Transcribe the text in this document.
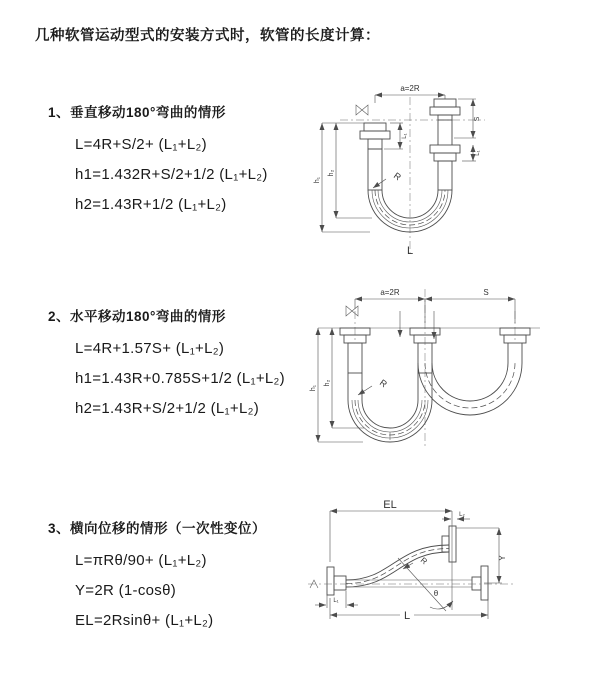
几种软管运动型式的安装方式时，软管的长度计算：
1、垂直移动180°弯曲的情形
L=4R+S/2+ (L₁+L₂)
h1=1.432R+S/2+1/2 (L₁+L₂)
h2=1.43R+1/2 (L₁+L₂)
2、水平移动180°弯曲的情形
L=4R+1.57S+ (L₁+L₂)
h1=1.43R+0.785S+1/2 (L₁+L₂)
h2=1.43R+S/2+1/2 (L₁+L₂)
3、横向位移的情形（一次性变位）
L=πRθ/90+ (L₁+L₂)
Y=2R (1-cosθ)
EL=2Rsinθ+ (L₁+L₂)
a=2R
h₁
h₂
L₁
S
L₁
R
L
a=2R	S
h₁
h₂	R
EL
L₂
Y
R
θ
L₁
L
